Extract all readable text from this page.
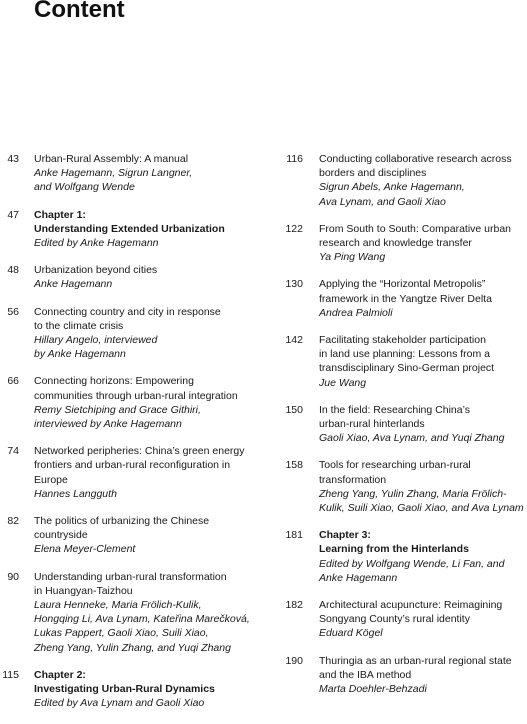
Content
43 Urban-Rural Assembly: A manual
Anke Hagemann, Sigrun Langner,
and Wolfgang Wende
47 Chapter 1:
Understanding Extended Urbanization
Edited by Anke Hagemann
48 Urbanization beyond cities
Anke Hagemann
56 Connecting country and city in response
to the climate crisis
Hillary Angelo, interviewed
by Anke Hagemann
66 Connecting horizons: Empowering
communities through urban-rural integration
Remy Sietchiping and Grace Githiri,
interviewed by Anke Hagemann
74 Networked peripheries: China’s green energy
frontiers and urban-rural reconfiguration in
Europe
Hannes Langguth
82 The politics of urbanizing the Chinese
countryside
Elena Meyer-Clement
90 Understanding urban-rural transformation
in Huangyan-Taizhou
Laura Henneke, Maria Frölich-Kulik,
Hongqing Li, Ava Lynam, Kateřina Marečková,
Lukas Pappert, Gaoli Xiao, Suili Xiao,
Zheng Yang, Yulin Zhang, and Yuqi Zhang
115 Chapter 2:
Investigating Urban-Rural Dynamics
Edited by Ava Lynam and Gaoli Xiao
116 Conducting collaborative research across
borders and disciplines
Sigrun Abels, Anke Hagemann,
Ava Lynam, and Gaoli Xiao
122 From South to South: Comparative urban
research and knowledge transfer
Ya Ping Wang
130 Applying the “Horizontal Metropolis”
framework in the Yangtze River Delta
Andrea Palmioli
142 Facilitating stakeholder participation
in land use planning: Lessons from a
transdisciplinary Sino-German project
Jue Wang
150 In the field: Researching China’s
urban-rural hinterlands
Gaoli Xiao, Ava Lynam, and Yuqi Zhang
158 Tools for researching urban-rural
transformation
Zheng Yang, Yulin Zhang, Maria Frölich-
Kulik, Suili Xiao, Gaoli Xiao, and Ava Lynam
181 Chapter 3:
Learning from the Hinterlands
Edited by Wolfgang Wende, Li Fan, and
Anke Hagemann
182 Architectural acupuncture: Reimagining
Songyang County’s rural identity
Eduard Kögel
190 Thuringia as an urban-rural regional state
and the IBA method
Marta Doehler-Behzadi
